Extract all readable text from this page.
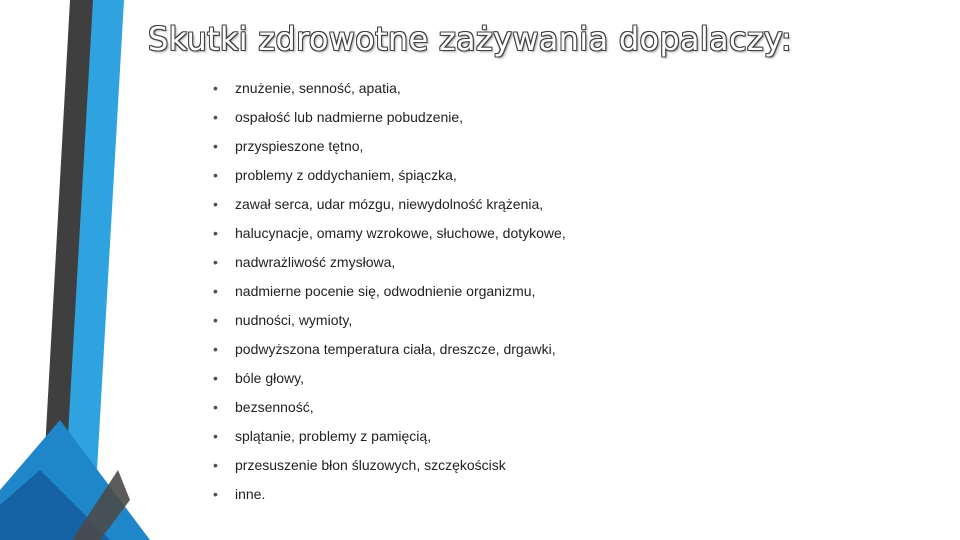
Skutki zdrowotne zażywania dopalaczy:
• znużenie, senność, apatia,
• ospałość lub nadmierne pobudzenie,
• przyspieszone tętno,
• problemy z oddychaniem, śpiączka,
• zawał serca, udar mózgu, niewydolność krążenia,
• halucynacje, omamy wzrokowe, słuchowe, dotykowe,
• nadwrażliwość zmysłowa,
• nadmierne pocenie się, odwodnienie organizmu,
• nudności, wymioty,
• podwyższona temperatura ciała, dreszcze, drgawki,
• bóle głowy,
• bezsenność,
• splątanie, problemy z pamięcią,
• przesuszenie błon śluzowych, szczękościsk
• inne.
